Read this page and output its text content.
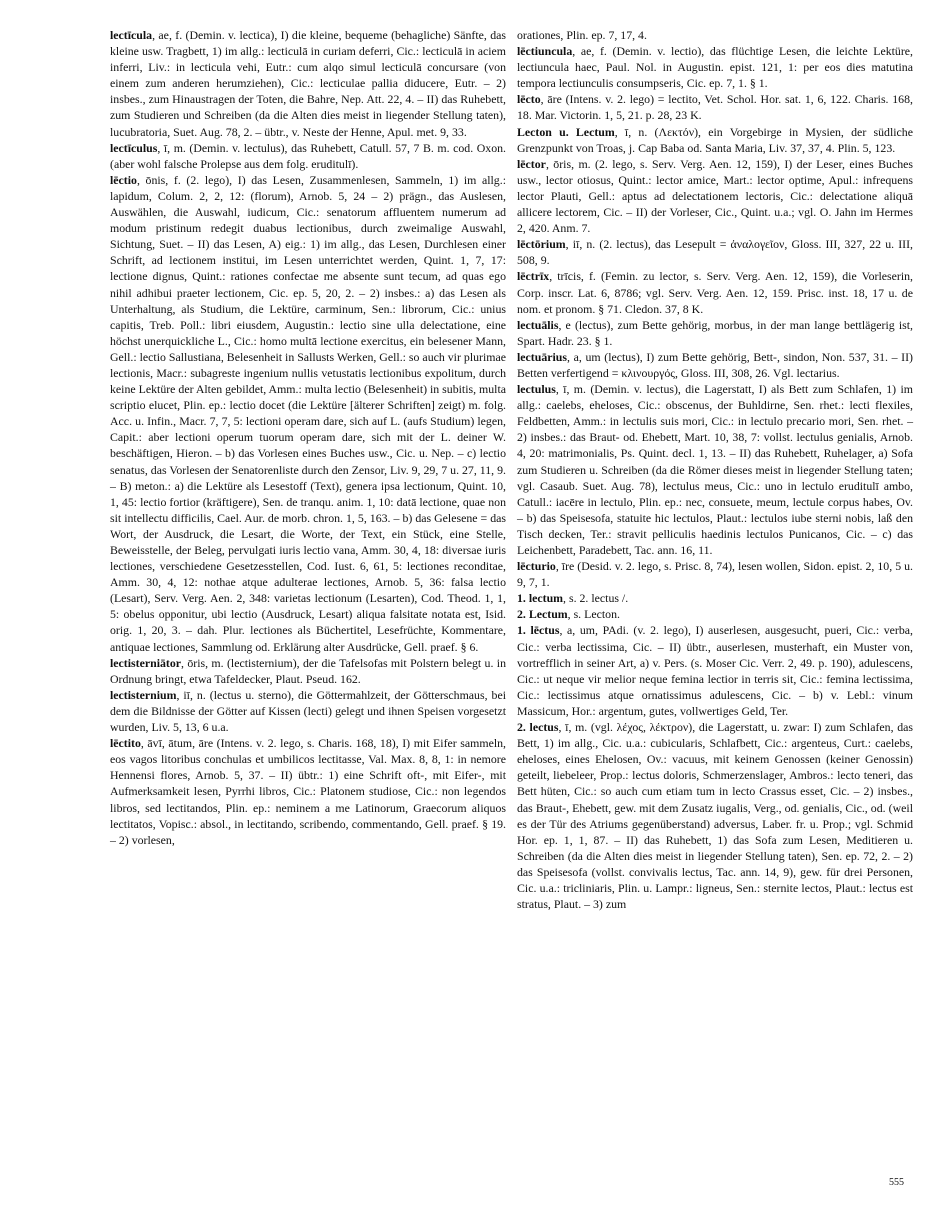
lectīcula, ae, f. (Demin. v. lectica), I) die kleine, bequeme (behagliche) Sänfte, das kleine usw. Tragbett, 1) im allg.: lecticulā in curiam deferri, Cic.: lecticulā in aciem inferri, Liv.: in lecticula vehi, Eutr.: cum alqo simul lecticulā concursare (von einem zum anderen herumziehen), Cic.: lecticulae pallia diducere, Eutr. – 2) insbes., zum Hinaustragen der Toten, die Bahre, Nep. Att. 22, 4. – II) das Ruhebett, zum Studieren und Schreiben (da die Alten dies meist in liegender Stellung taten), lucubratoria, Suet. Aug. 78, 2. – übtr., v. Neste der Henne, Apul. met. 9, 33.

lectīculus, ī, m. (Demin. v. lectulus), das Ruhebett, Catull. 57, 7 B. m. cod. Oxon. (aber wohl falsche Prolepse aus dem folg. eruditulī).

lēctio, ōnis, f. (2. lego), I) das Lesen, Zusammenlesen, Sammeln, 1) im allg.: lapidum, Colum. 2, 2, 12: (florum), Arnob. 5, 24 – 2) prägn., das Auslesen, Auswählen, die Auswahl, iudicum, Cic.: senatorum affluentem numerum ad modum pristinum redegit duabus lectionibus, durch zweimalige Auswahl, Sichtung, Suet. – II) das Lesen, A) eig.: 1) im allg., das Lesen, Durchlesen einer Schrift, ad lectionem institui, im Lesen unterrichtet werden, Quint. 1, 7, 17: lectione dignus, Quint.: rationes confectae me absente sunt tecum, ad quas ego nihil adhibui praeter lectionem, Cic. ep. 5, 20, 2. – 2) insbes.: a) das Lesen als Unterhaltung, als Studium, die Lektüre, carminum, Sen.: librorum, Cic.: unius capitis, Treb. Poll.: libri eiusdem, Augustin.: lectio sine ulla delectatione, eine höchst unerquickliche L., Cic.: homo multā lectione exercitus, ein belesener Mann, Gell.: lectio Sallustiana, Belesenheit in Sallusts Werken, Gell.: so auch vir plurimae lectionis, Macr.: subagreste ingenium nullis vetustatis lectionibus expolitum, durch keine Lektüre der Alten gebildet, Amm.: multa lectio (Belesenheit) in subitis, multa scriptio elucet, Plin. ep.: lectio docet (die Lektüre [älterer Schriften] zeigt) m. folg. Acc. u. Infin., Macr. 7, 7, 5: lectioni operam dare, sich auf L. (aufs Studium) legen, Capit.: aber lectioni operum tuorum operam dare, sich mit der L. deiner W. beschäftigen, Hieron. – b) das Vorlesen eines Buches usw., Cic. u. Nep. – c) lectio senatus, das Vorlesen der Senatorenliste durch den Zensor, Liv. 9, 29, 7 u. 27, 11, 9. – B) meton.: a) die Lektüre als Lesestoff (Text), genera ipsa lectionum, Quint. 10, 1, 45: lectio fortior (kräftigere), Sen. de tranqu. anim. 1, 10: datā lectione, quae non sit intellectu difficilis, Cael. Aur. de morb. chron. 1, 5, 163. – b) das Gelesene = das Wort, der Ausdruck, die Lesart, die Worte, der Text, ein Stück, eine Stelle, Beweisstelle, der Beleg, pervulgati iuris lectio vana, Amm. 30, 4, 18: diversae iuris lectiones, verschiedene Gesetzesstellen, Cod. Iust. 6, 61, 5: lectiones reconditae, Amm. 30, 4, 12: nothae atque adulterae lectiones, Arnob. 5, 36: falsa lectio (Lesart), Serv. Verg. Aen. 2, 348: varietas lectionum (Lesarten), Cod. Theod. 1, 1, 5: obelus opponitur, ubi lectio (Ausdruck, Lesart) aliqua falsitate notata est, Isid. orig. 1, 20, 3. – dah. Plur. lectiones als Büchertitel, Lesefrüchte, Kommentare, antiquae lectiones, Sammlung od. Erklärung alter Ausdrücke, Gell. praef. § 6.

lectisterniātor, ōris, m. (lectisternium), der die Tafelsofas mit Polstern belegt u. in Ordnung bringt, etwa Tafeldecker, Plaut. Pseud. 162.

lectisternium, iī, n. (lectus u. sterno), die Göttermahlzeit, der Götterschmaus, bei dem die Bildnisse der Götter auf Kissen (lecti) gelegt und ihnen Speisen vorgesetzt wurden, Liv. 5, 13, 6 u.a.

lēctito, āvī, ātum, āre (Intens. v. 2. lego, s. Charis. 168, 18), I) mit Eifer sammeln, eos vagos litoribus conchulas et umbilicos lectitasse, Val. Max. 8, 8, 1: in nemore Hennensi flores, Arnob. 5, 37. – II) übtr.: 1) eine Schrift oft-, mit Eifer-, mit Aufmerksamkeit lesen, Pyrrhi libros, Cic.: Platonem studiose, Cic.: non legendos libros, sed lectitandos, Plin. ep.: neminem a me Latinorum, Graecorum aliquos lectitatos, Vopisc.: absol., in lectitando, scribendo, commentando, Gell. praef. § 19. – 2) vorlesen,

orationes, Plin. ep. 7, 17, 4.

lēctiuncula, ae, f. (Demin. v. lectio), das flüchtige Lesen, die leichte Lektüre, lectiuncula haec, Paul. Nol. in Augustin. epist. 121, 1: per eos dies matutina tempora lectiunculis consumpseris, Cic. ep. 7, 1. § 1.

lēcto, āre (Intens. v. 2. lego) = lectito, Vet. Schol. Hor. sat. 1, 6, 122. Charis. 168, 18. Mar. Victorin. 1, 5, 21. p. 28, 23 K.

Lecton u. Lectum, ī, n. (Λεκτόν), ein Vorgebirge in Mysien, der südliche Grenzpunkt von Troas, j. Cap Baba od. Santa Maria, Liv. 37, 37, 4. Plin. 5, 123.

lēctor, ōris, m. (2. lego, s. Serv. Verg. Aen. 12, 159), I) der Leser, eines Buches usw., lector otiosus, Quint.: lector amice, Mart.: lector optime, Apul.: infrequens lector Plauti, Gell.: aptus ad delectationem lectoris, Cic.: delectatione aliquā allicere lectorem, Cic. – II) der Vorleser, Cic., Quint. u.a.; vgl. O. Jahn im Hermes 2, 420. Anm. 7.

lēctōrium, iī, n. (2. lectus), das Lesepult = ἀναλογεῖον, Gloss. III, 327, 22 u. III, 508, 9.

lēctrīx, trīcis, f. (Femin. zu lector, s. Serv. Verg. Aen. 12, 159), die Vorleserin, Corp. inscr. Lat. 6, 8786; vgl. Serv. Verg. Aen. 12, 159. Prisc. inst. 18, 17 u. de nom. et pronom. § 71. Cledon. 37, 8 K.

lectuālis, e (lectus), zum Bette gehörig, morbus, in der man lange bettlägerig ist, Spart. Hadr. 23. § 1.

lectuārius, a, um (lectus), I) zum Bette gehörig, Bett-, sindon, Non. 537, 31. – II) Betten verfertigend = κλινουργός, Gloss. III, 308, 26. Vgl. lectarius.

lectulus, ī, m. (Demin. v. lectus), die Lagerstatt, I) als Bett zum Schlafen, 1) im allg.: caelebs, eheloses, Cic.: obscenus, der Buhldirne, Sen. rhet.: lecti flexiles, Feldbetten, Amm.: in lectulis suis mori, Cic.: in lectulo precario mori, Sen. rhet. – 2) insbes.: das Braut- od. Ehebett, Mart. 10, 38, 7: vollst. lectulus genialis, Arnob. 4, 20: matrimonialis, Ps. Quint. decl. 1, 13. – II) das Ruhebett, Ruhelager, a) Sofa zum Studieren u. Schreiben (da die Römer dieses meist in liegender Stellung taten; vgl. Casaub. Suet. Aug. 78), lectulus meus, Cic.: uno in lectulo eruditulī ambo, Catull.: iacēre in lectulo, Plin. ep.: nec, consuete, meum, lectule corpus habes, Ov. – b) das Speisesofa, statuite hic lectulos, Plaut.: lectulos iube sterni nobis, laß den Tisch decken, Ter.: stravit pelliculis haedinis lectulos Punicanos, Cic. – c) das Leichenbett, Paradebett, Tac. ann. 16, 11.

lēcturio, īre (Desid. v. 2. lego, s. Prisc. 8, 74), lesen wollen, Sidon. epist. 2, 10, 5 u. 9, 7, 1.

1. lectum, s. 2. lectus /.

2. Lectum, s. Lecton.

1. lēctus, a, um, PAdi. (v. 2. lego), I) auserlesen, ausgesucht, pueri, Cic.: verba, Cic.: verba lectissima, Cic. – II) übtr., auserlesen, musterhaft, ein Muster von, vortrefflich in seiner Art, a) v. Pers. (s. Moser Cic. Verr. 2, 49. p. 190), adulescens, Cic.: ut neque vir melior neque femina lectior in terris sit, Cic.: femina lectissima, Cic.: lectissimus atque ornatissimus adulescens, Cic. – b) v. Lebl.: vinum Massicum, Hor.: argentum, gutes, vollwertiges Geld, Ter.

2. lectus, ī, m. (vgl. λέχος, λέκτρον), die Lagerstatt, u. zwar: I) zum Schlafen, das Bett, 1) im allg., Cic. u.a.: cubicularis, Schlafbett, Cic.: argenteus, Curt.: caelebs, eheloses, eines Ehelosen, Ov.: vacuus, mit keinem Genossen (keiner Genossin) geteilt, liebeleer, Prop.: lectus doloris, Schmerzenslager, Ambros.: lecto teneri, das Bett hüten, Cic.: so auch cum etiam tum in lecto Crassus esset, Cic. – 2) insbes., das Braut-, Ehebett, gew. mit dem Zusatz iugalis, Verg., od. genialis, Cic., od. (weil es der Tür des Atriums gegenüberstand) adversus, Laber. fr. u. Prop.; vgl. Schmid Hor. ep. 1, 1, 87. – II) das Ruhebett, 1) das Sofa zum Lesen, Meditieren u. Schreiben (da die Alten dies meist in liegender Stellung taten), Sen. ep. 72, 2. – 2) das Speisesofa (vollst. convivalis lectus, Tac. ann. 14, 9), gew. für drei Personen, Cic. u.a.: tricliniaris, Plin. u. Lampr.: ligneus, Sen.: sternite lectos, Plaut.: lectus est stratus, Plaut. – 3) zum

555
